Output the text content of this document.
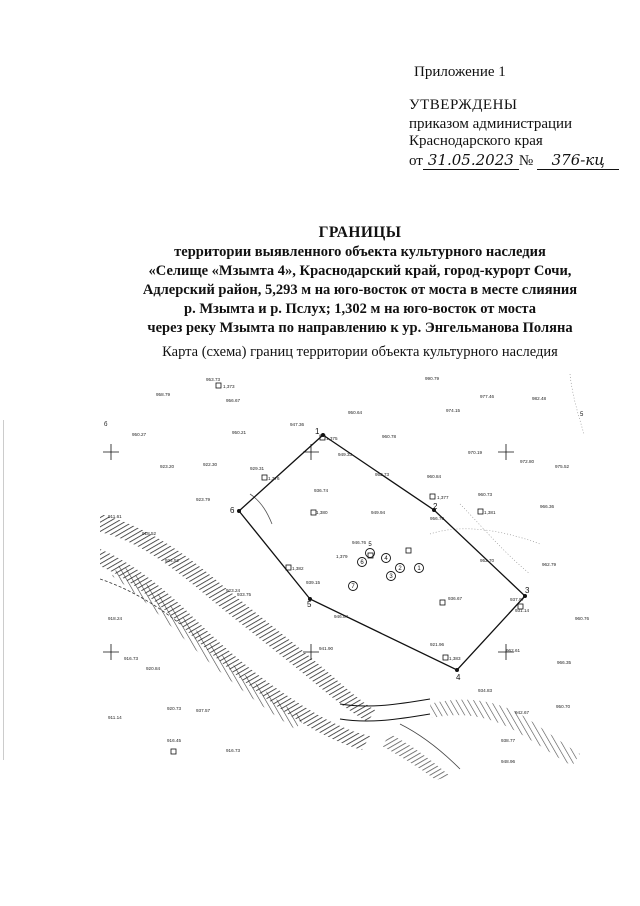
Приложение 1
УТВЕРЖДЕНЫ
приказом администрации
Краснодарского края
от 31.05.2023 № 376-кц
ГРАНИЦЫ
территории выявленного объекта культурного наследия
«Селище «Мзымта 4», Краснодарский край, город-курорт Сочи,
Адлерский район, 5,293 м на юго-восток от моста в месте слияния
р. Мзымта и р. Пслух; 1,302 м на юго-восток от моста
через реку Мзымта по направлению к ур. Энгельманова Поляна
Карта (схема) границ территории объекта культурного наследия
1
2
3
4
5
6
1
2
3
4
5
6
7
953.73
958.79
956.67
1,373
990.79
977.46	982.48
1,375
950.64	974.15
947.36
950.27	950.21
1,376
960.78
923.20	922.30
929.31
949.33	970.19
972.80
975.52
923.79
936.74
952.73	960.84
960.73
911.61
1,377
949.94
956.70
1,381
966.36
918.52
1,380
946.76
924.52
1,382
1,379
952.70
939.15
923.24
933.75
946.84
936.67	937.97
962.79
918.24
941.90
921.96
931.14
962.61
960.76
916.73
920.84
1,383
934.83
966.35
920.73	937.57	942.67
950.70
911.14
916.45
916.73
938.77
948.96
б
5
